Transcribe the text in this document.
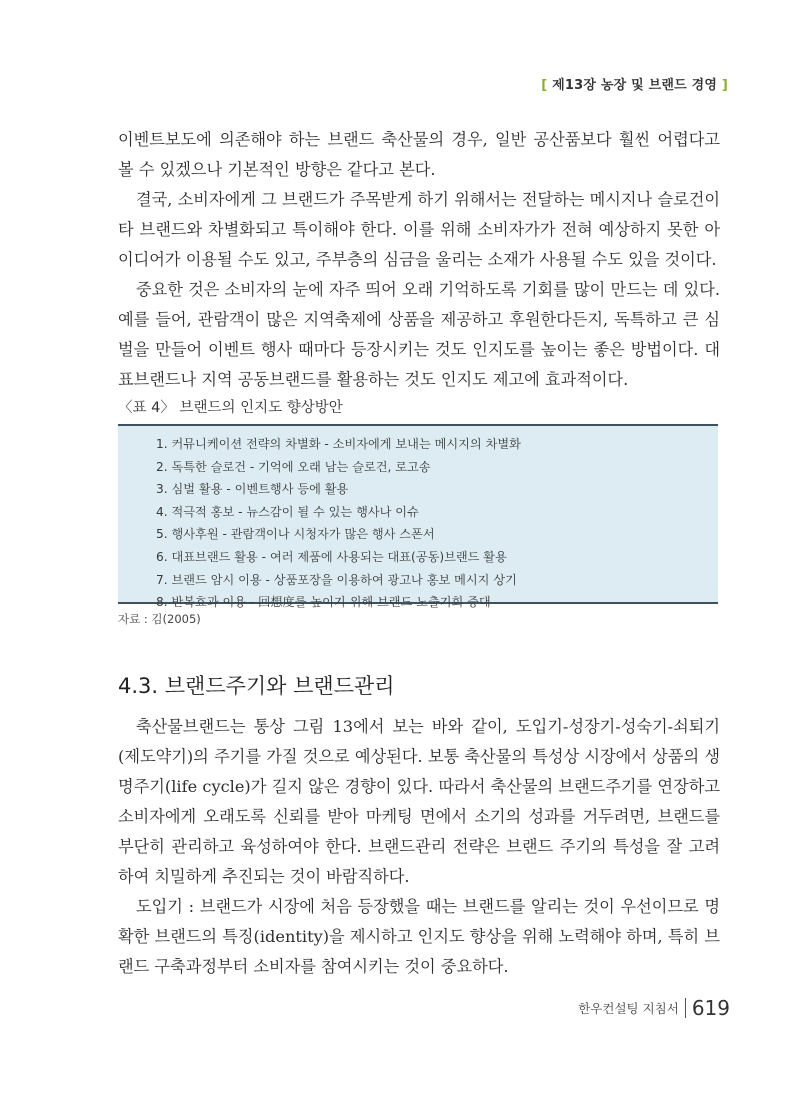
[ 제13장 농장 및 브랜드 경영 ]

이벤트보도에 의존해야 하는 브랜드 축산물의 경우, 일반 공산품보다 훨씬 어렵다고 볼 수 있겠으나 기본적인 방향은 같다고 본다.

결국, 소비자에게 그 브랜드가 주목받게 하기 위해서는 전달하는 메시지나 슬로건이 타 브랜드와 차별화되고 특이해야 한다. 이를 위해 소비자가가 전혀 예상하지 못한 아이디어가 이용될 수도 있고, 주부층의 심금을 울리는 소재가 사용될 수도 있을 것이다.

중요한 것은 소비자의 눈에 자주 띄어 오래 기억하도록 기회를 많이 만드는 데 있다. 예를 들어, 관람객이 많은 지역축제에 상품을 제공하고 후원한다든지, 독특하고 큰 심벌을 만들어 이벤트 행사 때마다 등장시키는 것도 인지도를 높이는 좋은 방법이다. 대표브랜드나 지역 공동브랜드를 활용하는 것도 인지도 제고에 효과적이다.

〈표 4〉 브랜드의 인지도 향상방안
1. 커뮤니케이션 전략의 차별화 - 소비자에게 보내는 메시지의 차별화
2. 독특한 슬로건 - 기억에 오래 남는 슬로건, 로고송
3. 심벌 활용 - 이벤트행사 등에 활용
4. 적극적 홍보 - 뉴스감이 될 수 있는 행사나 이슈
5. 행사후원 - 관람객이나 시청자가 많은 행사 스폰서
6. 대표브랜드 활용 - 여러 제품에 사용되는 대표(공동)브랜드 활용
7. 브랜드 암시 이용 - 상품포장을 이용하여 광고나 홍보 메시지 상기
8. 반복효과 이용 - 回想度를 높이기 위해 브랜드 노출기회 증대
자료 : 김(2005)
4.3. 브랜드주기와 브랜드관리

축산물브랜드는 통상 그림 13에서 보는 바와 같이, 도입기-성장기-성숙기-쇠퇴기(제도약기)의 주기를 가질 것으로 예상된다. 보통 축산물의 특성상 시장에서 상품의 생명주기(life cycle)가 길지 않은 경향이 있다. 따라서 축산물의 브랜드주기를 연장하고 소비자에게 오래도록 신뢰를 받아 마케팅 면에서 소기의 성과를 거두려면, 브랜드를 부단히 관리하고 육성하여야 한다. 브랜드관리 전략은 브랜드 주기의 특성을 잘 고려하여 치밀하게 추진되는 것이 바람직하다.

도입기 : 브랜드가 시장에 처음 등장했을 때는 브랜드를 알리는 것이 우선이므로 명확한 브랜드의 특징(identity)을 제시하고 인지도 향상을 위해 노력해야 하며, 특히 브랜드 구축과정부터 소비자를 참여시키는 것이 중요하다.

한우컨설팅 지침서 619
